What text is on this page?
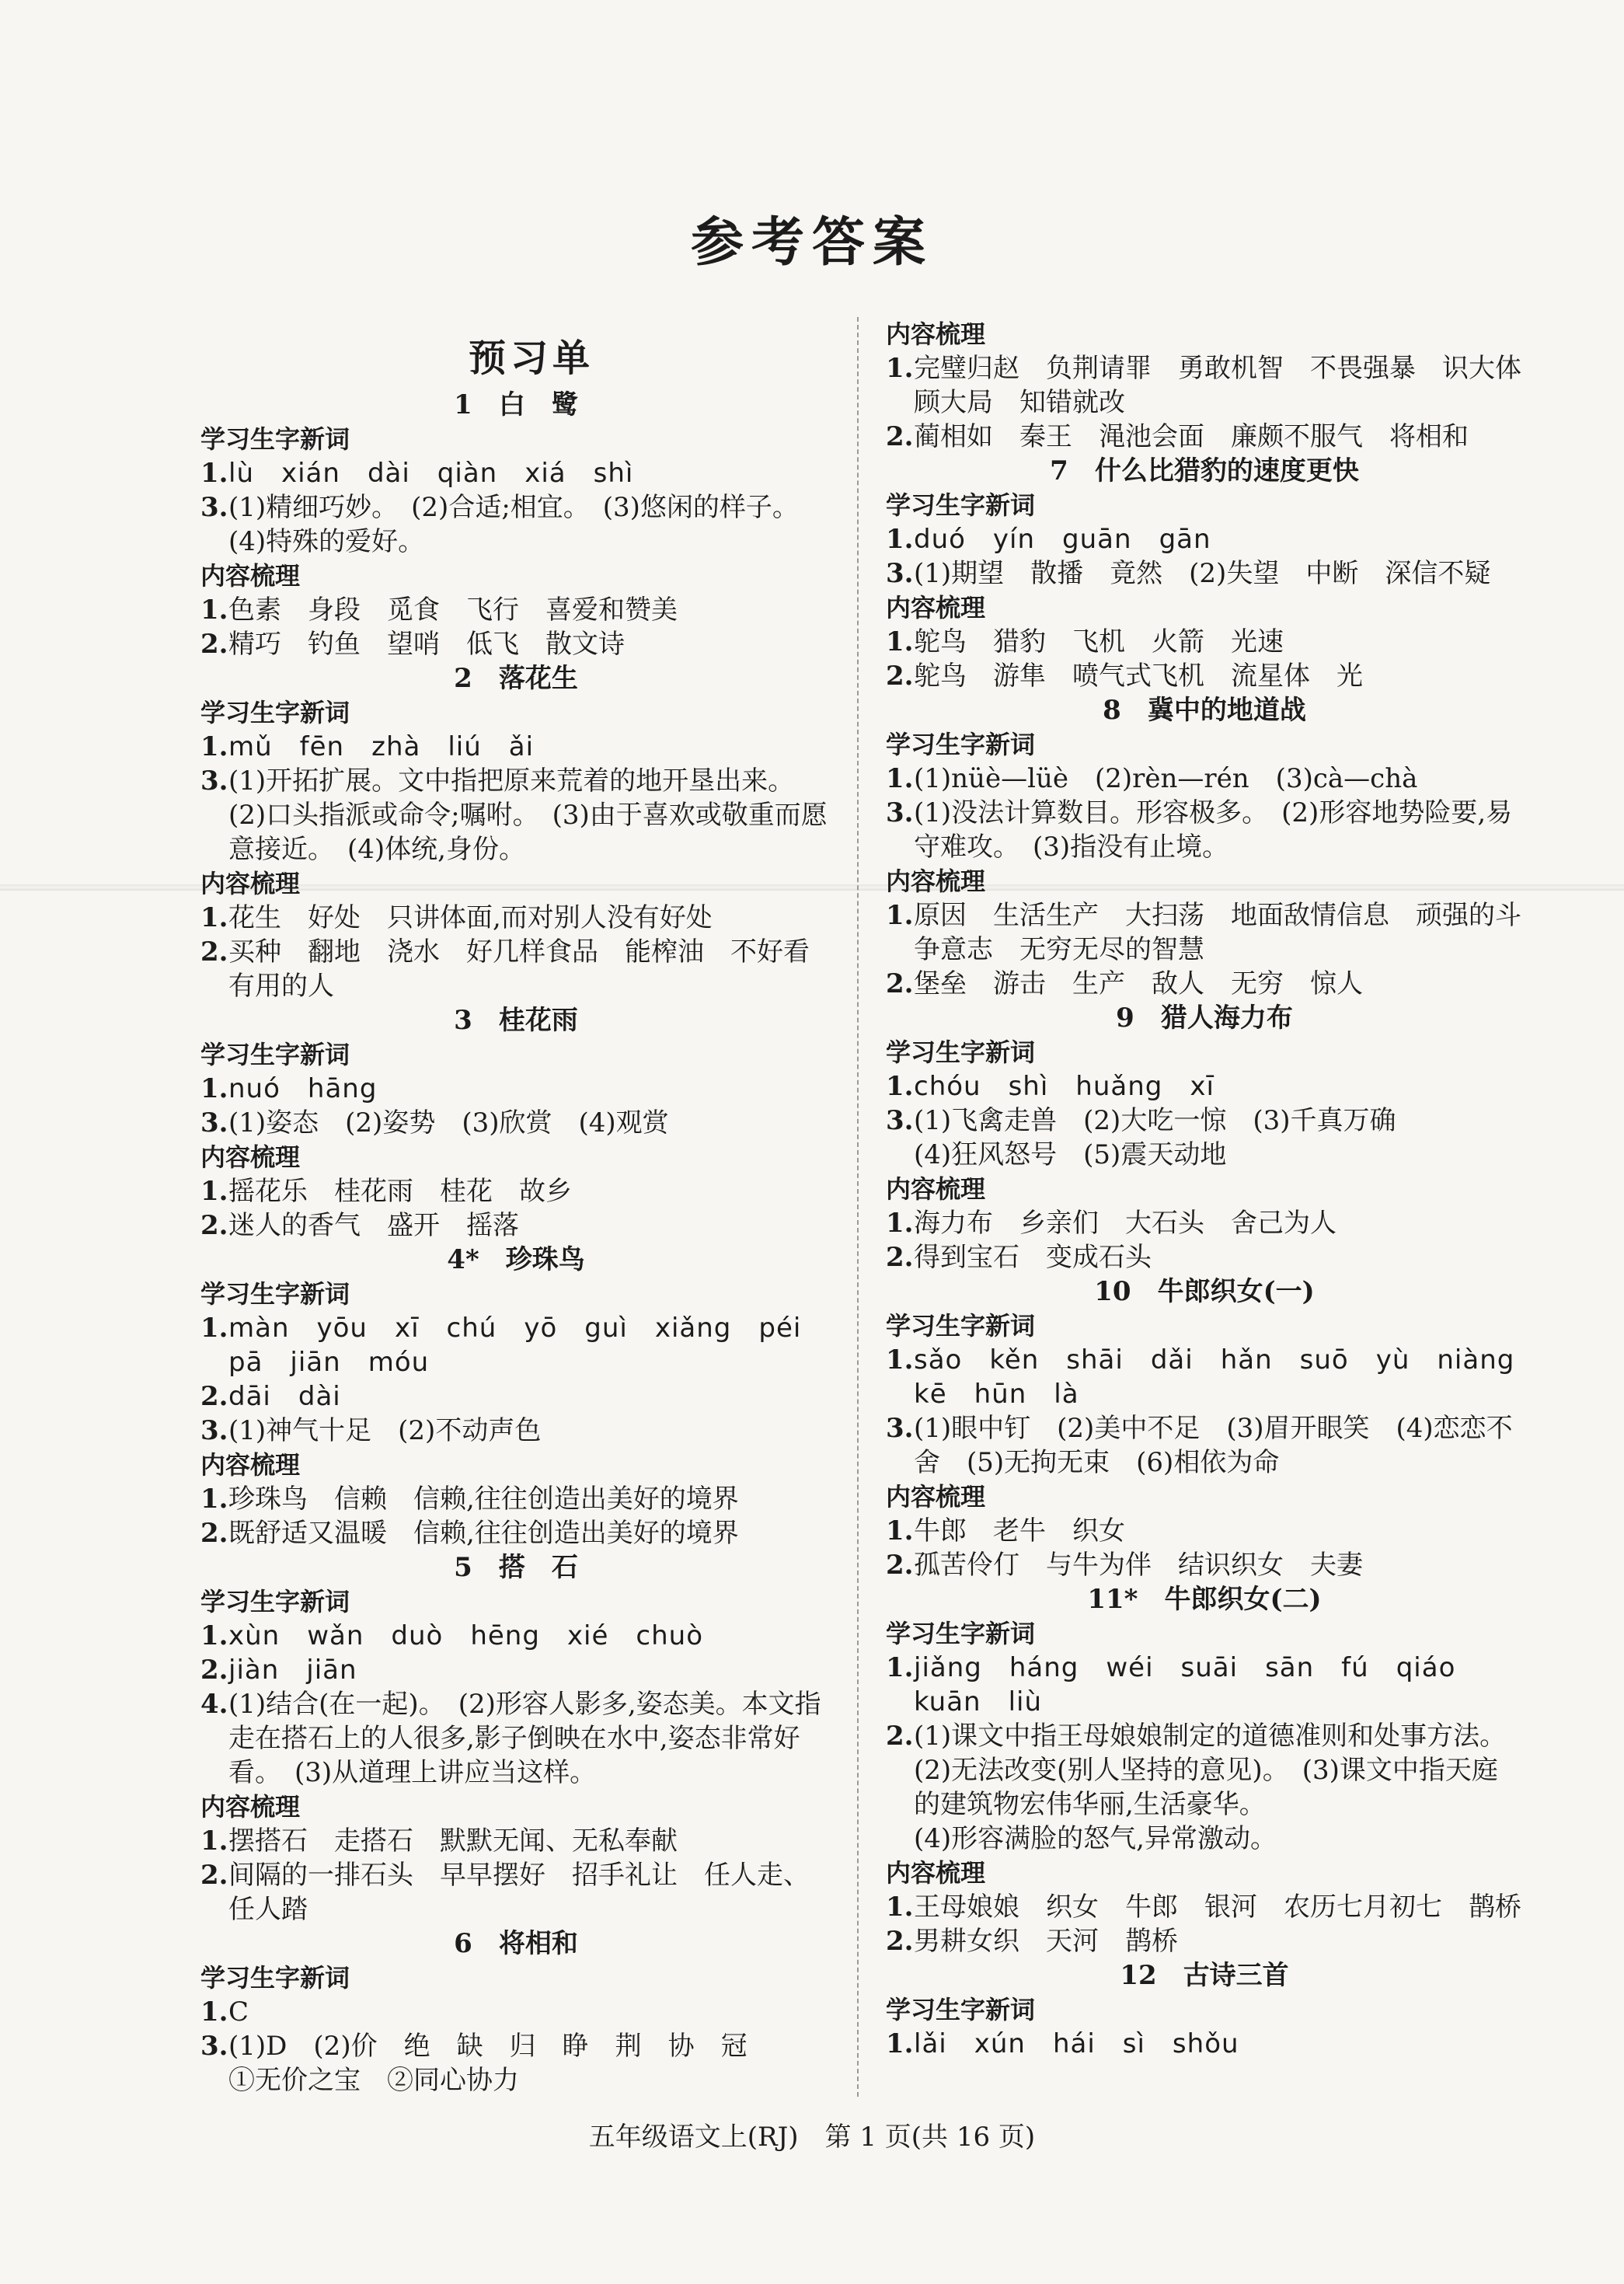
参考答案
预习单
1　白　鹭
学习生字新词
1. lù　xián　dài　qiàn　xiá　shì
3. (1)精细巧妙。　(2)合适;相宜。　(3)悠闲的样子。　(4)特殊的爱好。
内容梳理
1. 色素　身段　觅食　飞行　喜爱和赞美
2. 精巧　钓鱼　望哨　低飞　散文诗
2　落花生
学习生字新词
1. mǔ　fēn　zhà　liú　ǎi
3. (1)开拓扩展。文中指把原来荒着的地开垦出来。(2)口头指派或命令;嘱咐。　(3)由于喜欢或敬重而愿意接近。　(4)体统,身份。
内容梳理
1. 花生　好处　只讲体面,而对别人没有好处
2. 买种　翻地　浇水　好几样食品　能榨油　不好看　有用的人
3　桂花雨
学习生字新词
1. nuó　hāng
3. (1)姿态　(2)姿势　(3)欣赏　(4)观赏
内容梳理
1. 摇花乐　桂花雨　桂花　故乡
2. 迷人的香气　盛开　摇落
4*　珍珠鸟
学习生字新词
1. màn　yōu　xī　chú　yō　guì　xiǎng　péi　pā　jiān　móu
2. dāi　dài
3. (1)神气十足　(2)不动声色
内容梳理
1. 珍珠鸟　信赖　信赖,往往创造出美好的境界
2. 既舒适又温暖　信赖,往往创造出美好的境界
5　搭　石
学习生字新词
1. xùn　wǎn　duò　hēng　xié　chuò
2. jiàn　jiān
4. (1)结合(在一起)。　(2)形容人影多,姿态美。本文指走在搭石上的人很多,影子倒映在水中,姿态非常好看。　(3)从道理上讲应当这样。
内容梳理
1. 摆搭石　走搭石　默默无闻、无私奉献
2. 间隔的一排石头　早早摆好　招手礼让　任人走、任人踏
6　将相和
学习生字新词
1. C
3. (1)D　(2)价　绝　缺　归　睁　荆　协　冠
①无价之宝　②同心协力
内容梳理
1. 完璧归赵　负荆请罪　勇敢机智　不畏强暴　识大体　顾大局　知错就改
2. 蔺相如　秦王　渑池会面　廉颇不服气　将相和
7　什么比猎豹的速度更快
学习生字新词
1. duó　yín　guān　gān
3. (1)期望　散播　竟然　(2)失望　中断　深信不疑
内容梳理
1. 鸵鸟　猎豹　飞机　火箭　光速
2. 鸵鸟　游隼　喷气式飞机　流星体　光
8　冀中的地道战
学习生字新词
1. (1)nüè—lüè　(2)rèn—rén　(3)cà—chà
3. (1)没法计算数目。形容极多。　(2)形容地势险要,易守难攻。　(3)指没有止境。
内容梳理
1. 原因　生活生产　大扫荡　地面敌情信息　顽强的斗争意志　无穷无尽的智慧
2. 堡垒　游击　生产　敌人　无穷　惊人
9　猎人海力布
学习生字新词
1. chóu　shì　huǎng　xī
3. (1)飞禽走兽　(2)大吃一惊　(3)千真万确
(4)狂风怒号　(5)震天动地
内容梳理
1. 海力布　乡亲们　大石头　舍己为人
2. 得到宝石　变成石头
10　牛郎织女(一)
学习生字新词
1. sǎo　kěn　shāi　dǎi　hǎn　suō　yù　niàng　kē　hūn　là
3. (1)眼中钉　(2)美中不足　(3)眉开眼笑　(4)恋恋不舍　(5)无拘无束　(6)相依为命
内容梳理
1. 牛郎　老牛　织女
2. 孤苦伶仃　与牛为伴　结识织女　夫妻
11*　牛郎织女(二)
学习生字新词
1. jiǎng　háng　wéi　suāi　sān　fú　qiáo　kuān　liù
2. (1)课文中指王母娘娘制定的道德准则和处事方法。　(2)无法改变(别人坚持的意见)。　(3)课文中指天庭的建筑物宏伟华丽,生活豪华。
(4)形容满脸的怒气,异常激动。
内容梳理
1. 王母娘娘　织女　牛郎　银河　农历七月初七　鹊桥
2. 男耕女织　天河　鹊桥
12　古诗三首
学习生字新词
1. lǎi　xún　hái　sì　shǒu
五年级语文上(RJ)　第 1 页(共 16 页)
